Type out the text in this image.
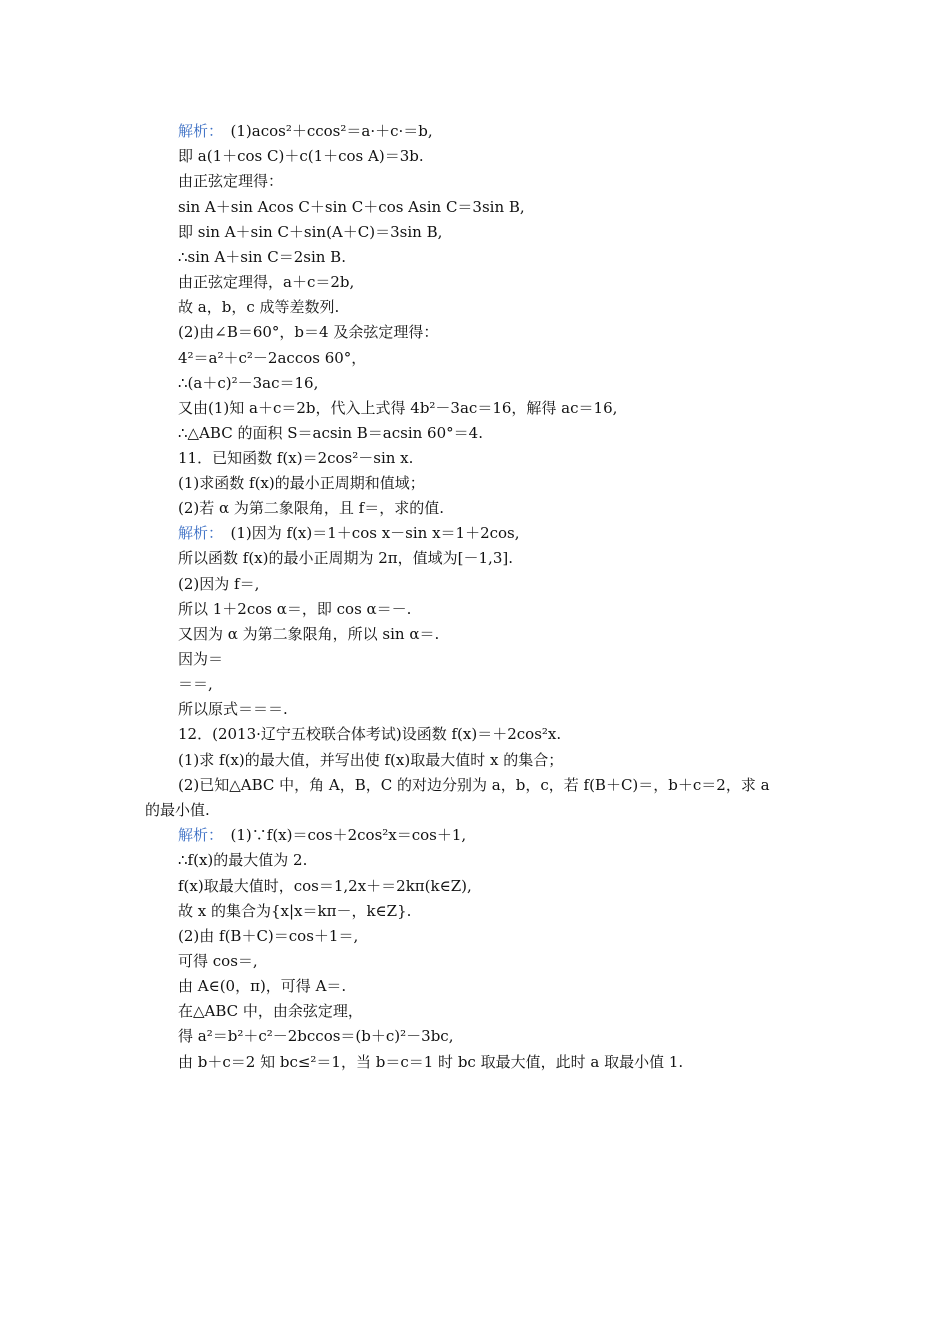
解析：　(1)acos²＋ccos²＝a·＋c·＝b,
即 a(1＋cos C)＋c(1＋cos A)＝3b.
由正弦定理得：
sin A＋sin Acos C＋sin C＋cos Asin C＝3sin B,
即 sin A＋sin C＋sin(A＋C)＝3sin B,
∴sin A＋sin C＝2sin B.
由正弦定理得，a＋c＝2b,
故 a，b，c 成等差数列.
(2)由∠B＝60°，b＝4 及余弦定理得：
4²＝a²＋c²－2accos 60°，
∴(a＋c)²－3ac＝16,
又由(1)知 a＋c＝2b，代入上式得 4b²－3ac＝16，解得 ac＝16,
∴△ABC 的面积 S＝acsin B＝acsin 60°＝4.
11．已知函数 f(x)＝2cos²－sin x.
(1)求函数 f(x)的最小正周期和值域；
(2)若 α 为第二象限角，且 f＝，求的值.
解析：　(1)因为 f(x)＝1＋cos x－sin x＝1＋2cos,
所以函数 f(x)的最小正周期为 2π，值域为[－1,3].
(2)因为 f＝,
所以 1＋2cos α＝，即 cos α＝－.
又因为 α 为第二象限角，所以 sin α＝.
因为＝
＝＝,
所以原式＝＝＝.
12．(2013·辽宁五校联合体考试)设函数 f(x)＝＋2cos²x.
(1)求 f(x)的最大值，并写出使 f(x)取最大值时 x 的集合；
(2)已知△ABC 中，角 A，B，C 的对边分别为 a，b，c，若 f(B＋C)＝，b＋c＝2，求 a
的最小值.
解析：　(1)∵f(x)＝cos＋2cos²x＝cos＋1,
∴f(x)的最大值为 2.
f(x)取最大值时，cos＝1,2x＋＝2kπ(k∈Z),
故 x 的集合为{x|x＝kπ－，k∈Z}.
(2)由 f(B＋C)＝cos＋1＝,
可得 cos＝,
由 A∈(0，π)，可得 A＝.
在△ABC 中，由余弦定理，
得 a²＝b²＋c²－2bccos＝(b＋c)²－3bc,
由 b＋c＝2 知 bc≤²＝1，当 b＝c＝1 时 bc 取最大值，此时 a 取最小值 1.
